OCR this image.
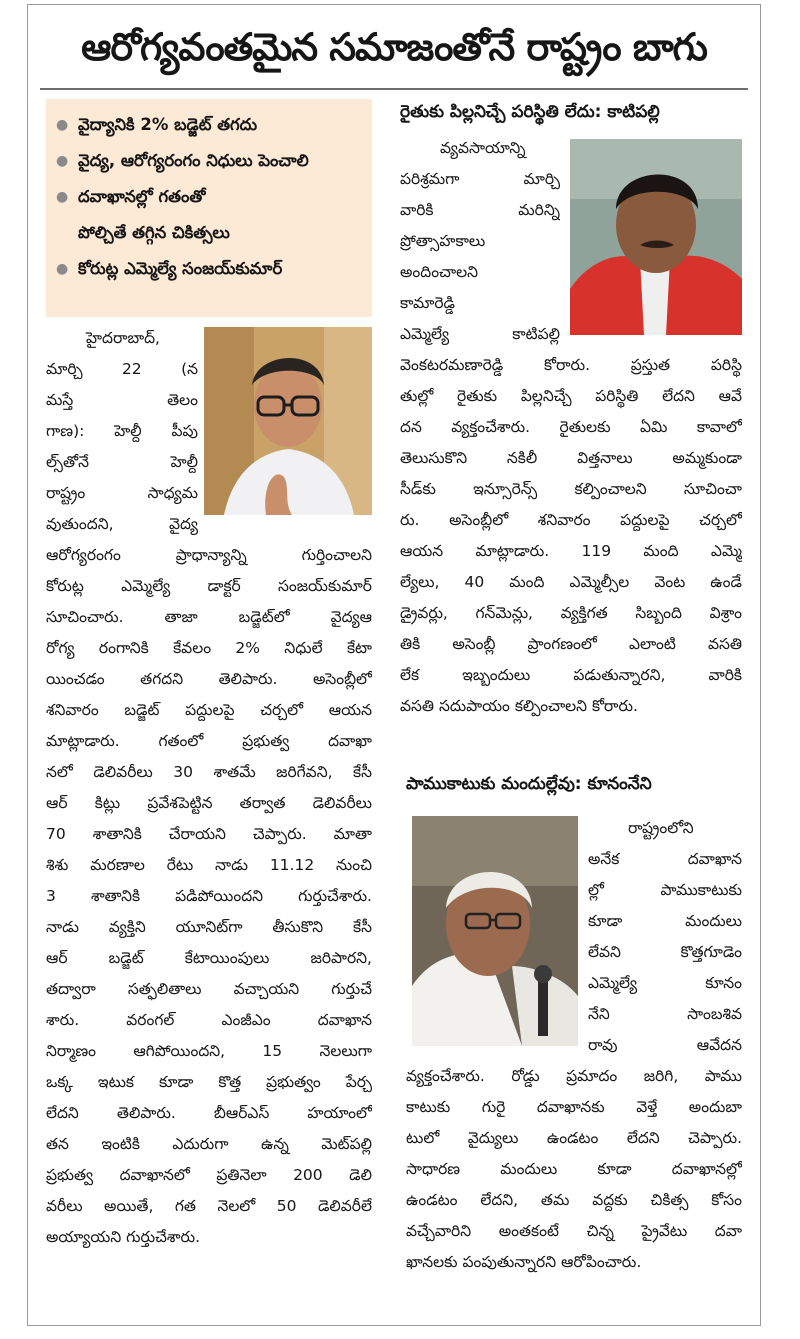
ఆరోగ్యవంతమైన సమాజంతోనే రాష్ట్రం బాగు
● వైద్యానికి 2% బడ్జెట్ తగదు
● వైద్య, ఆరోగ్యరంగం నిధులు పెంచాలి
● దవాఖానల్లో గతంతో
పోల్చితే తగ్గిన చికిత్సలు
● కోరుట్ల ఎమ్మెల్యే సంజయ్‌కుమార్
హైదరాబాద్,
మార్చి 22 (న
మస్తే తెలం
గాణ): హెల్దీ పీపు
ల్స్‌తోనే హెల్దీ
రాష్ట్రం సాధ్యమ
వుతుందని, వైద్య
ఆరోగ్యరంగం ప్రాధాన్యాన్ని గుర్తించాలని
కోరుట్ల ఎమ్మెల్యే డాక్టర్ సంజయ్‌కుమార్
సూచించారు. తాజా బడ్జెట్‌లో వైద్యఆ
రోగ్య రంగానికి కేవలం 2% నిధులే కేటా
యించడం తగదని తెలిపారు. అసెంబ్లీలో
శనివారం బడ్జెట్ పద్దులపై చర్చలో ఆయన
మాట్లాడారు. గతంలో ప్రభుత్వ దవాఖా
నలో డెలివరీలు 30 శాతమే జరిగేవని, కేసీ
ఆర్ కిట్లు ప్రవేశపెట్టిన తర్వాత డెలివరీలు
70 శాతానికి చేరాయని చెప్పారు. మాతా
శిశు మరణాల రేటు నాడు 11.12 నుంచి
3 శాతానికి పడిపోయిందని గుర్తుచేశారు.
నాడు వ్యక్తిని యూనిట్‌గా తీసుకొని కేసీ
ఆర్ బడ్జెట్ కేటాయింపులు జరిపారని,
తద్వారా సత్ఫలితాలు వచ్చాయని గుర్తుచే
శారు. వరంగల్ ఎంజీఎం దవాఖాన
నిర్మాణం ఆగిపోయిందని, 15 నెలలుగా
ఒక్క ఇటుక కూడా కొత్త ప్రభుత్వం పేర్చ
లేదని తెలిపారు. బీఆర్‌ఎస్ హయాంలో
తన ఇంటికి ఎదురుగా ఉన్న మెట్‌పల్లి
ప్రభుత్వ దవాఖానలో ప్రతినెలా 200 డెలి
వరీలు అయితే, గత నెలలో 50 డెలివరీలే
అయ్యాయని గుర్తుచేశారు.
రైతుకు పిల్లనిచ్చే పరిస్థితి లేదు: కాటిపల్లి
వ్యవసాయాన్ని
పరిశ్రమగా మార్చి
వారికి మరిన్ని
ప్రోత్సాహకాలు
అందించాలని
కామారెడ్డి
ఎమ్మెల్యే కాటిపల్లి
వెంకటరమణారెడ్డి కోరారు. ప్రస్తుత పరిస్థి
తుల్లో రైతుకు పిల్లనిచ్చే పరిస్థితి లేదని ఆవే
దన వ్యక్తంచేశారు. రైతులకు ఏమి కావాలో
తెలుసుకొని నకిలీ విత్తనాలు అమ్మకుండా
సీడ్‌కు ఇన్సూరెన్స్ కల్పించాలని సూచించా
రు. అసెంబ్లీలో శనివారం పద్దులపై చర్చలో
ఆయన మాట్లాడారు. 119 మంది ఎమ్మె
ల్యేలు, 40 మంది ఎమ్మెల్సీల వెంట ఉండే
డ్రైవర్లు, గన్‌మెన్లు, వ్యక్తిగత సిబ్బంది విశ్రాం
తికి అసెంబ్లీ ప్రాంగణంలో ఎలాంటి వసతి
లేక ఇబ్బందులు పడుతున్నారని, వారికి
వసతి సదుపాయం కల్పించాలని కోరారు.
పాముకాటుకు మందుల్లేవు: కూనంనేని
రాష్ట్రంలోని
అనేక దవాఖాన
ల్లో పాముకాటుకు
కూడా మందులు
లేవని కొత్తగూడెం
ఎమ్మెల్యే కూనం
నేని సాంబశివ
రావు ఆవేదన
వ్యక్తంచేశారు. రోడ్డు ప్రమాదం జరిగి, పాము
కాటుకు గురై దవాఖానకు వెళ్తే అందుబా
టులో వైద్యులు ఉండటం లేదని చెప్పారు.
సాధారణ మందులు కూడా దవాఖానల్లో
ఉండటం లేదని, తమ వద్దకు చికిత్స కోసం
వచ్చేవారిని అంతకంటే చిన్న ప్రైవేటు దవా
ఖానలకు పంపుతున్నారని ఆరోపించారు.
